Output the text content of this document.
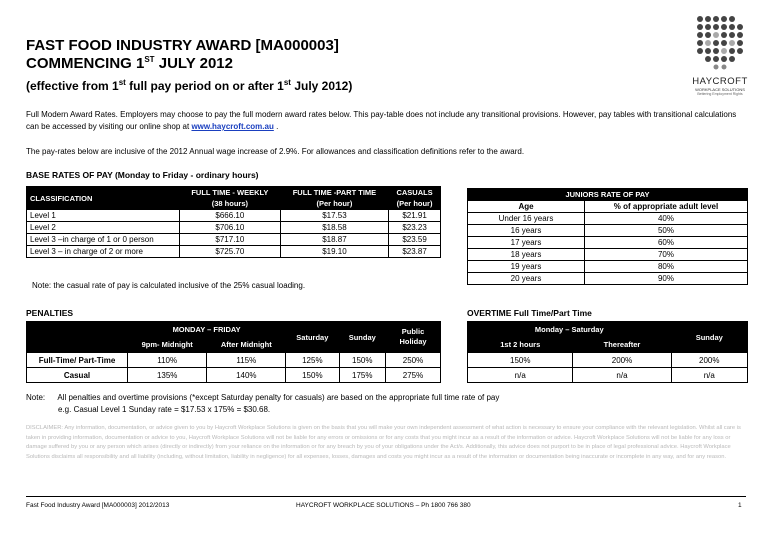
FAST FOOD INDUSTRY AWARD [MA000003]
COMMENCING 1ST JULY 2012
(effective from 1st full pay period on or after 1st July 2012)	HAYCROFT
WORKPLACE SOLUTIONS
Bettering Employment Rights
Full Modern Award Rates. Employers may choose to pay the full modern award rates below. This pay-table does not include any transitional provisions. However, pay tables with transitional calculations can be accessed by visiting our online shop at www.haycroft.com.au .
The pay-rates below are inclusive of the 2012 Annual wage increase of 2.9%. For allowances and classification definitions refer to the award.
BASE RATES OF PAY (Monday to Friday - ordinary hours)
CLASSIFICATION	FULL TIME - WEEKLY	FULL TIME -PART TIME	CASUALS
	(38 hours)	(Per hour)	(Per hour)
Level 1	$666.10	$17.53	$21.91
Level 2	$706.10	$18.58	$23.23
Level 3 –in charge of 1 or 0 person	$717.10	$18.87	$23.59
Level 3 – in charge of 2 or more	$725.70	$19.10	$23.87
Note: the casual rate of pay is calculated inclusive of the 25% casual loading.
JUNIORS RATE OF PAY	
Age	% of appropriate adult level
Under 16 years	40%
16 years	50%
17 years	60%
18 years	70%
19 years	80%
20 years	90%
PENALTIES
	MONDAY – FRIDAY		Saturday	Sunday	Public Holiday
	9pm- Midnight	After Midnight			
Full-Time/ Part-Time	110%	115%	125%	150%	250%
Casual	135%	140%	150%	175%	275%
OVERTIME Full Time/Part Time
Monday – Saturday		Sunday
1st 2 hours	Thereafter	
150%	200%	200%
n/a	n/a	n/a
Note: All penalties and overtime provisions (*except Saturday penalty for casuals) are based on the appropriate full time rate of pay
e.g. Casual Level 1 Sunday rate = $17.53 x 175% = $30.68.
DISCLAIMER: Any information, documentation, or advice given to you by Haycroft Workplace Solutions is given on the basis that you will make your own independent assessment of what action is necessary to ensure your compliance with the relevant legislation. Whilst all care is taken in providing information, documentation or advice to you, Haycroft Workplace Solutions will not be liable for any errors or omissions or for any costs that you might incur as a result of the information or advice. Haycroft Workplace Solutions will not be liable for any loss or damage suffered by you or any person which arises (directly or indirectly) from your reliance on the information or for any breach by you of your obligations under the Act/s. Additionally, this advice does not purport to be in place of legal professional advice. Haycroft Workplace Solutions disclaims all responsibility and all liability (including, without limitation, liability in negligence) for all expenses, losses, damages and costs you might incur as a result of the information or documentation being inaccurate or incomplete in any way, and for any reason.
Fast Food Industry Award [MA000003] 2012/2013	HAYCROFT WORKPLACE SOLUTIONS – Ph 1800 766 380	1
